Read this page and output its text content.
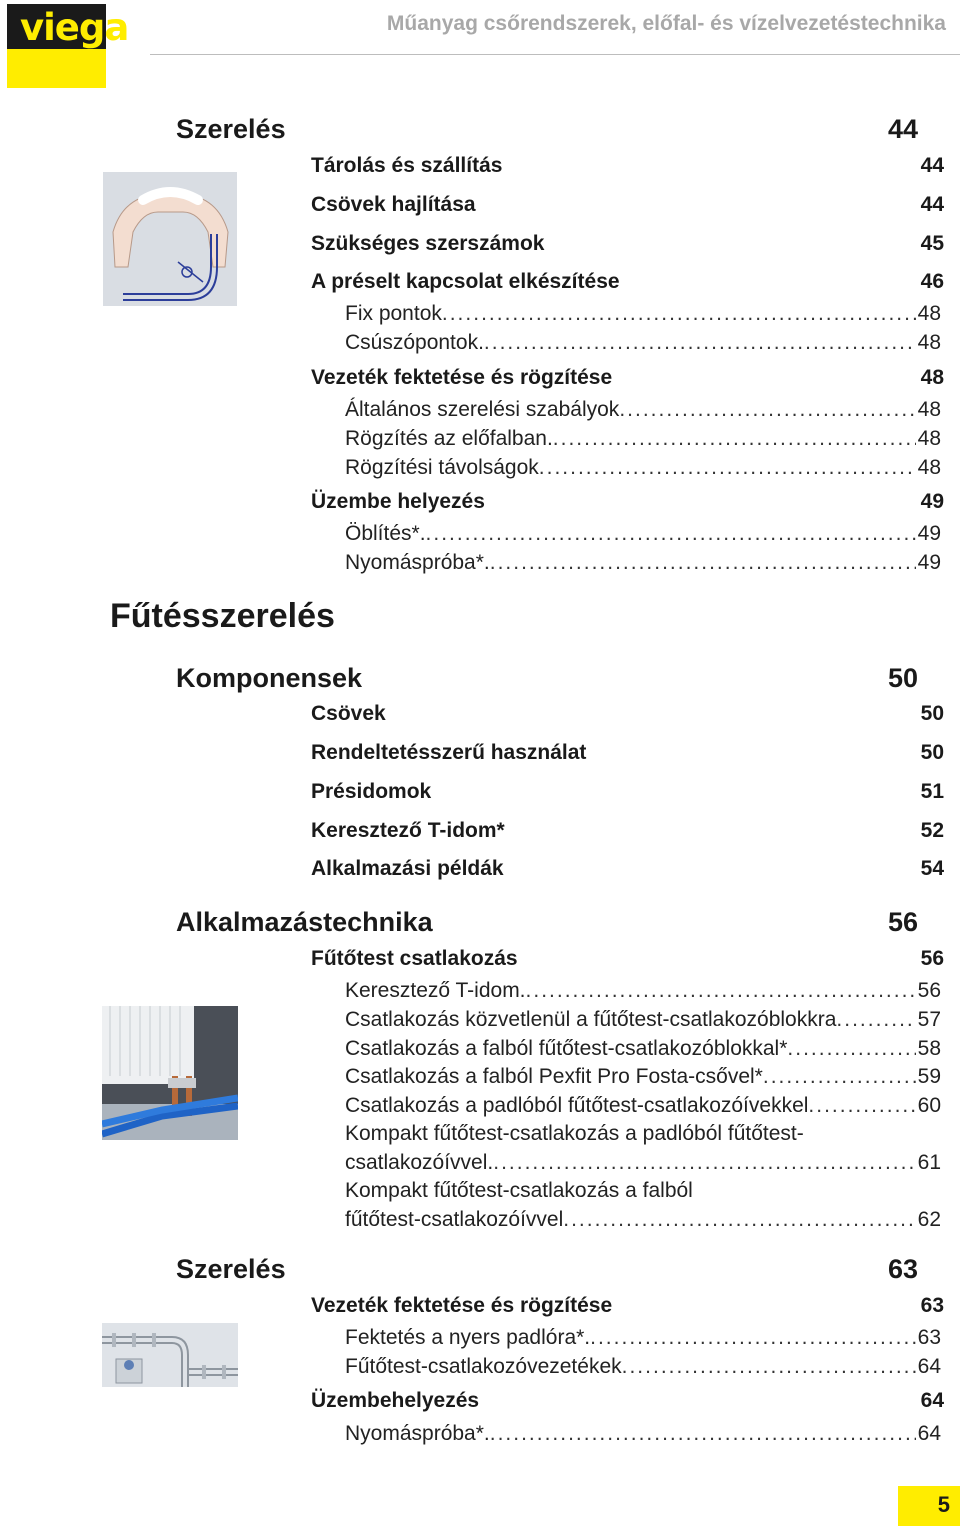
viega	Műanyag csőrendszerek, előfal- és vízelvezetéstechnika
Szerelés	44
Tárolás és szállítás	44
Csövek hajlítása	44
Szükséges szerszámok	45
A préselt kapcsolat elkészítése	46
Fix pontok .....	48
Csúszópontok. .....	48
Vezeték fektetése és rögzítése	48
Általános szerelési szabályok .....	48
Rögzítés az előfalban. .....	48
Rögzítési távolságok .....	48
Üzembe helyezés	49
Öblítés*. .....	49
Nyomáspróba*. .....	49
Fűtésszerelés
Komponensek	50
Csövek	50
Rendeltetésszerű használat	50
Présidomok	51
Keresztező T-idom*	52
Alkalmazási példák	54
Alkalmazástechnika	56
Fűtőtest csatlakozás	56
Keresztező T-idom. .....	56
Csatlakozás közvetlenül a fűtőtest-csatlakozóblokkra .....	57
Csatlakozás a falból fűtőtest-csatlakozóblokkal* .....	58
Csatlakozás a falból Pexfit Pro Fosta-csővel* .....	59
Csatlakozás a padlóból fűtőtest-csatlakozóívekkel .....	60
Kompakt fűtőtest-csatlakozás a padlóból fűtőtest-
csatlakozóívvel. .....	61
Kompakt fűtőtest-csatlakozás a falból
fűtőtest-csatlakozóívvel .....	62
Szerelés	63
Vezeték fektetése és rögzítése	63
Fektetés a nyers padlóra*. .....	63
Fűtőtest-csatlakozóvezetékek .....	64
Üzembehelyezés	64
Nyomáspróba*. .....	64
5
